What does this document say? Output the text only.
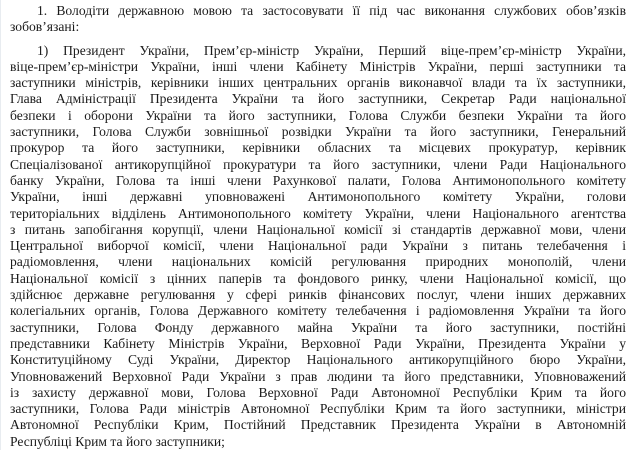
1. Володіти державною мовою та застосовувати її під час виконання службових обов’язків
зобов’язані:
1) Президент України, Прем’єр-міністр України, Перший віце-прем’єр-міністр України,
віце-прем’єр-міністри України, інші члени Кабінету Міністрів України, перші заступники та
заступники міністрів, керівники інших центральних органів виконавчої влади та їх заступники,
Глава Адміністрації Президента України та його заступники, Секретар Ради національної
безпеки і оборони України та його заступники, Голова Служби безпеки України та його
заступники, Голова Служби зовнішньої розвідки України та його заступники, Генеральний
прокурор та його заступники, керівники обласних та місцевих прокуратур, керівник
Спеціалізованої антикорупційної прокуратури та його заступники, члени Ради Національного
банку України, Голова та інші члени Рахункової палати, Голова Антимонопольного комітету
України, інші державні уповноважені Антимонопольного комітету України, голови
територіальних відділень Антимонопольного комітету України, члени Національного агентства
з питань запобігання корупції, члени Національної комісії зі стандартів державної мови, члени
Центральної виборчої комісії, члени Національної ради України з питань телебачення і
радіомовлення, члени національних комісій регулювання природних монополій, члени
Національної комісії з цінних паперів та фондового ринку, члени Національної комісії, що
здійснює державне регулювання у сфері ринків фінансових послуг, члени інших державних
колегіальних органів, Голова Державного комітету телебачення і радіомовлення України та його
заступники, Голова Фонду державного майна України та його заступники, постійні
представники Кабінету Міністрів України, Верховної Ради України, Президента України у
Конституційному Суді України, Директор Національного антикорупційного бюро України,
Уповноважений Верховної Ради України з прав людини та його представники, Уповноважений
із захисту державної мови, Голова Верховної Ради Автономної Республіки Крим та його
заступники, Голова Ради міністрів Автономної Республіки Крим та його заступники, міністри
Автономної Республіки Крим, Постійний Представник Президента України в Автономній
Республіці Крим та його заступники;
